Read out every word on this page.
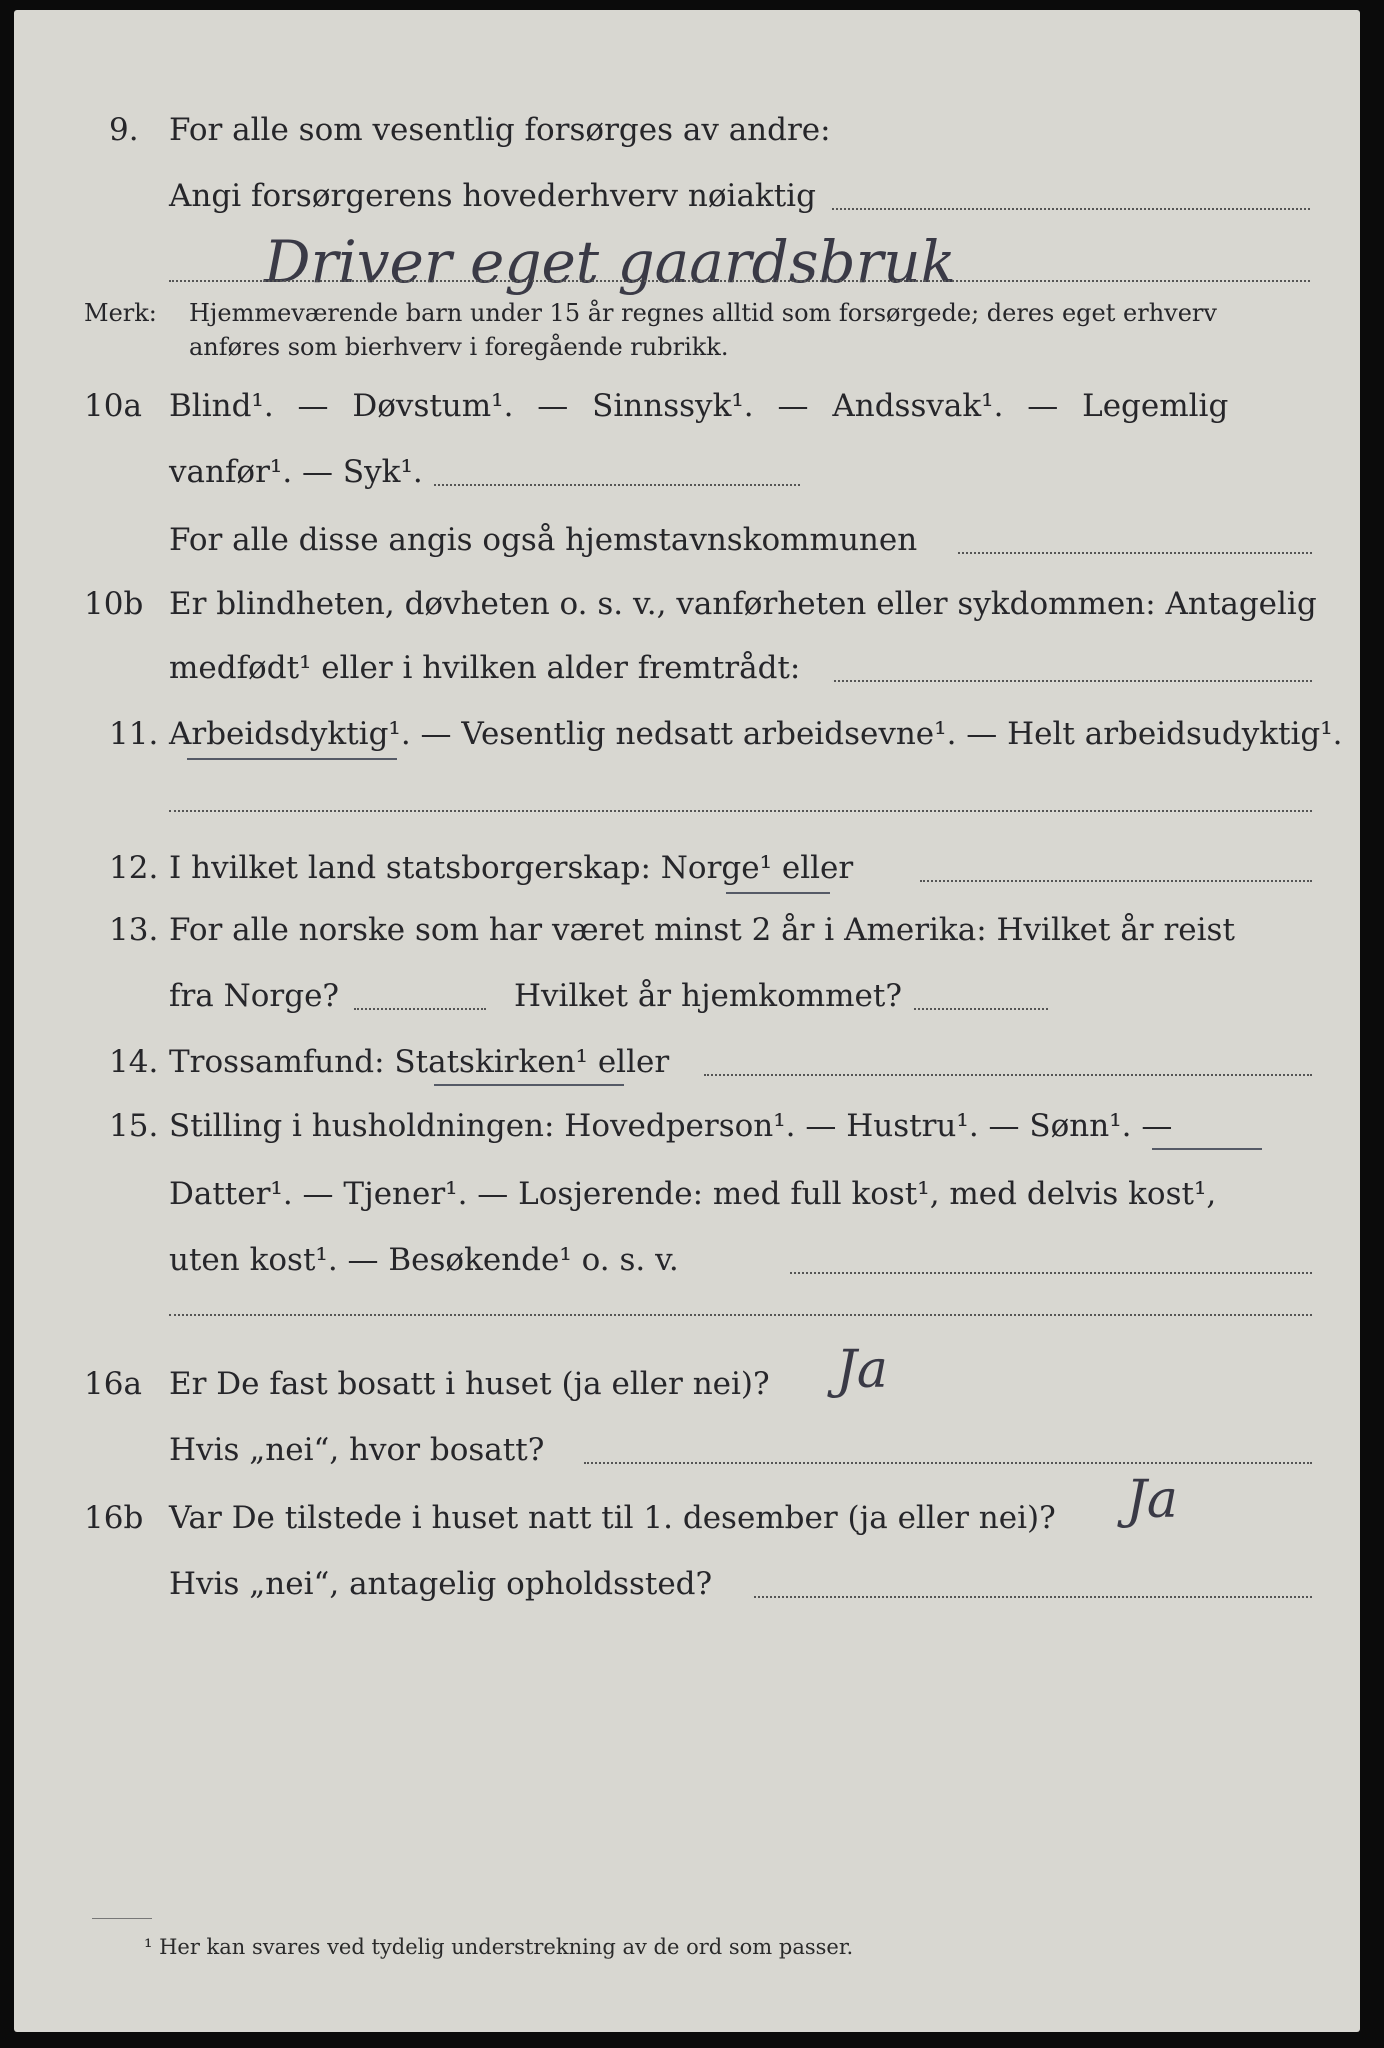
9. For alle som vesentlig forsørges av andre:
Angi forsørgerens hovederhverv nøiaktig
Driver eget gaardsbruk
Merk: Hjemmeværende barn under 15 år regnes alltid som forsørgede; deres eget erhverv
anføres som bierhverv i foregående rubrikk.
10a Blind¹. — Døvstum¹. — Sinnssyk¹. — Andssvak¹. — Legemlig
vanfør¹. — Syk¹.
For alle disse angis også hjemstavnskommunen
10b Er blindheten, døvheten o. s. v., vanførheten eller sykdommen: Antagelig
medfødt¹ eller i hvilken alder fremtrådt:
11. Arbeidsdyktig¹. — Vesentlig nedsatt arbeidsevne¹. — Helt arbeidsudyktig¹.
12. I hvilket land statsborgerskap: Norge¹ eller
13. For alle norske som har været minst 2 år i Amerika: Hvilket år reist
fra Norge?	Hvilket år hjemkommet?
14. Trossamfund: Statskirken¹ eller
15. Stilling i husholdningen: Hovedperson¹. — Hustru¹. — Sønn¹. —
Datter¹. — Tjener¹. — Losjerende: med full kost¹, med delvis kost¹,
uten kost¹. — Besøkende¹ o. s. v.
16a Er De fast bosatt i huset (ja eller nei)? Ja
Hvis „nei“, hvor bosatt?
16b Var De tilstede i huset natt til 1. desember (ja eller nei)? Ja
Hvis „nei“, antagelig opholdssted?
¹ Her kan svares ved tydelig understrekning av de ord som passer.
